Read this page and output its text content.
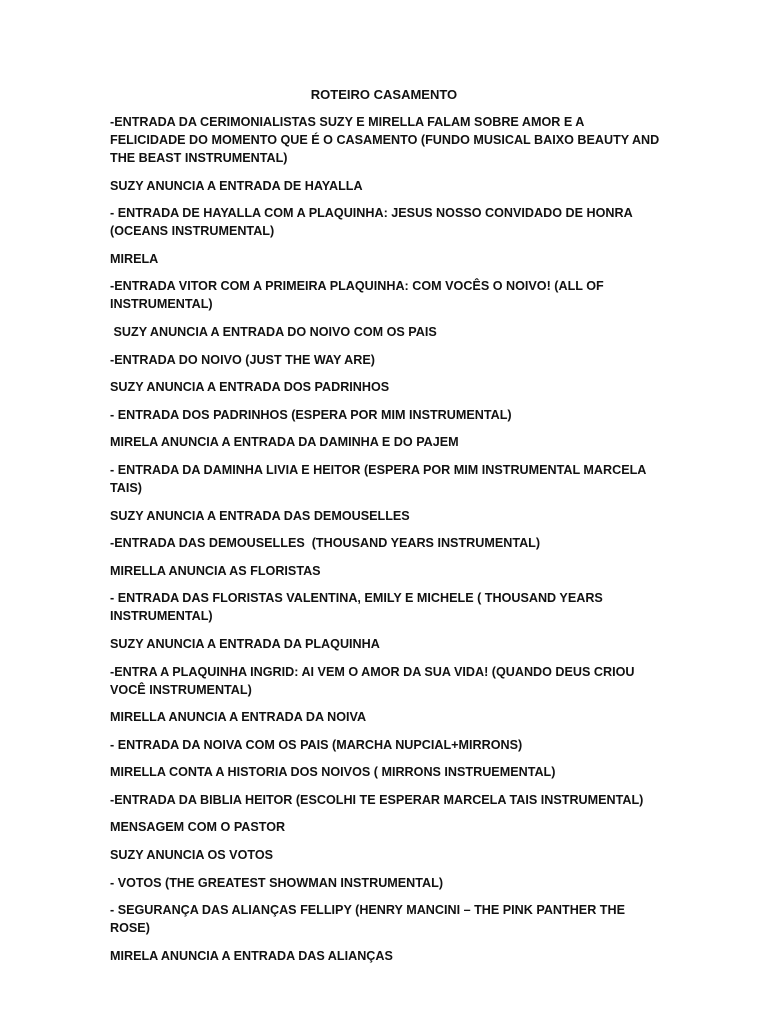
ROTEIRO CASAMENTO

-ENTRADA DA CERIMONIALISTAS SUZY E MIRELLA FALAM SOBRE AMOR E A FELICIDADE DO MOMENTO QUE É O CASAMENTO (FUNDO MUSICAL BAIXO BEAUTY AND THE BEAST INSTRUMENTAL)

SUZY ANUNCIA A ENTRADA DE HAYALLA

- ENTRADA DE HAYALLA COM A PLAQUINHA: JESUS NOSSO CONVIDADO DE HONRA (OCEANS INSTRUMENTAL)

MIRELA

-ENTRADA VITOR COM A PRIMEIRA PLAQUINHA: COM VOCÊS O NOIVO! (ALL OF INSTRUMENTAL)

SUZY ANUNCIA A ENTRADA DO NOIVO COM OS PAIS

-ENTRADA DO NOIVO (JUST THE WAY ARE)

SUZY ANUNCIA A ENTRADA DOS PADRINHOS

- ENTRADA DOS PADRINHOS (ESPERA POR MIM INSTRUMENTAL)

MIRELA ANUNCIA A ENTRADA DA DAMINHA E DO PAJEM

- ENTRADA DA DAMINHA LIVIA E HEITOR (ESPERA POR MIM INSTRUMENTAL MARCELA TAIS)

SUZY ANUNCIA A ENTRADA DAS DEMOUSELLES

-ENTRADA DAS DEMOUSELLES  (THOUSAND YEARS INSTRUMENTAL)

MIRELLA ANUNCIA AS FLORISTAS

- ENTRADA DAS FLORISTAS VALENTINA, EMILY E MICHELE ( THOUSAND YEARS INSTRUMENTAL)

SUZY ANUNCIA A ENTRADA DA PLAQUINHA

-ENTRA A PLAQUINHA INGRID: AI VEM O AMOR DA SUA VIDA! (QUANDO DEUS CRIOU VOCÊ INSTRUMENTAL)

MIRELLA ANUNCIA A ENTRADA DA NOIVA

- ENTRADA DA NOIVA COM OS PAIS (MARCHA NUPCIAL+MIRRONS)

MIRELLA CONTA A HISTORIA DOS NOIVOS ( MIRRONS INSTRUEMENTAL)

-ENTRADA DA BIBLIA HEITOR (ESCOLHI TE ESPERAR MARCELA TAIS INSTRUMENTAL)

MENSAGEM COM O PASTOR

SUZY ANUNCIA OS VOTOS

- VOTOS (THE GREATEST SHOWMAN INSTRUMENTAL)

- SEGURANÇA DAS ALIANÇAS FELLIPY (HENRY MANCINI – THE PINK PANTHER THE ROSE)

MIRELA ANUNCIA A ENTRADA DAS ALIANÇAS
